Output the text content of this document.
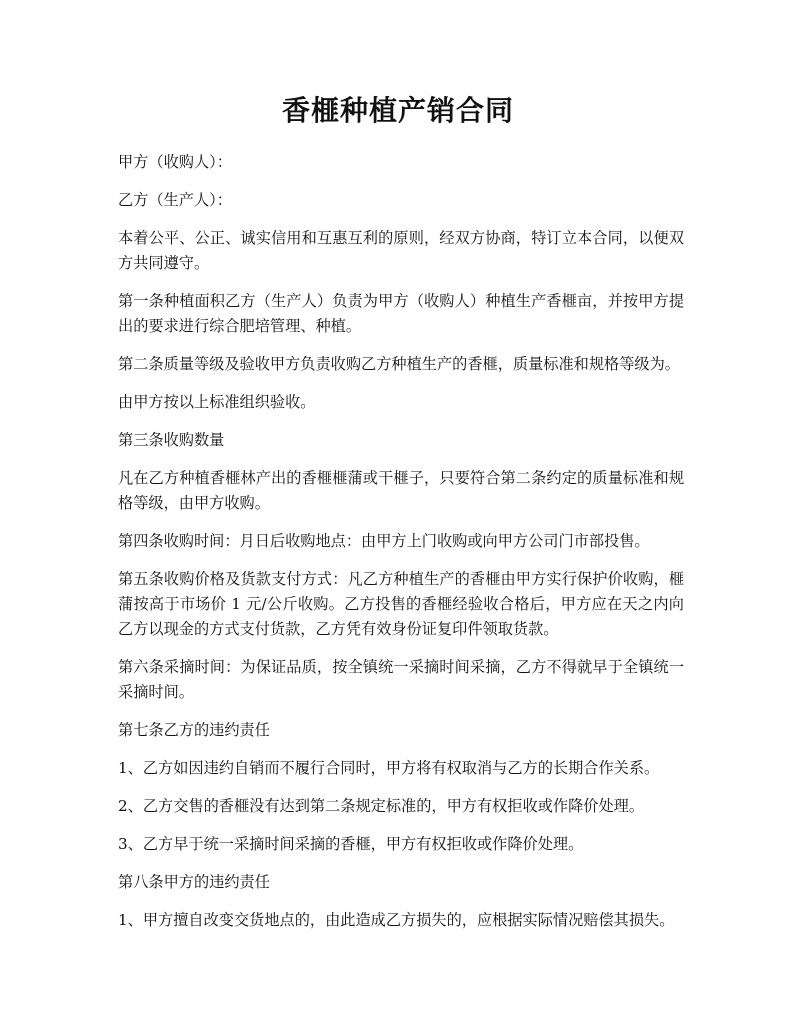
香榧种植产销合同

甲方（收购人）：

乙方（生产人）：

本着公平、公正、诚实信用和互惠互利的原则，经双方协商，特订立本合同，以便双方共同遵守。

第一条种植面积乙方（生产人）负责为甲方（收购人）种植生产香榧亩，并按甲方提出的要求进行综合肥培管理、种植。

第二条质量等级及验收甲方负责收购乙方种植生产的香榧，质量标准和规格等级为。

由甲方按以上标准组织验收。

第三条收购数量

凡在乙方种植香榧林产出的香榧榧蒲或干榧子，只要符合第二条约定的质量标准和规格等级，由甲方收购。

第四条收购时间：月日后收购地点：由甲方上门收购或向甲方公司门市部投售。

第五条收购价格及货款支付方式：凡乙方种植生产的香榧由甲方实行保护价收购，榧蒲按高于市场价 1 元/公斤收购。乙方投售的香榧经验收合格后，甲方应在天之内向乙方以现金的方式支付货款，乙方凭有效身份证复印件领取货款。

第六条采摘时间：为保证品质，按全镇统一采摘时间采摘，乙方不得就早于全镇统一采摘时间。

第七条乙方的违约责任

1、乙方如因违约自销而不履行合同时，甲方将有权取消与乙方的长期合作关系。

2、乙方交售的香榧没有达到第二条规定标准的，甲方有权拒收或作降价处理。

3、乙方早于统一采摘时间采摘的香榧，甲方有权拒收或作降价处理。

第八条甲方的违约责任

1、甲方擅自改变交货地点的，由此造成乙方损失的，应根据实际情况赔偿其损失。
